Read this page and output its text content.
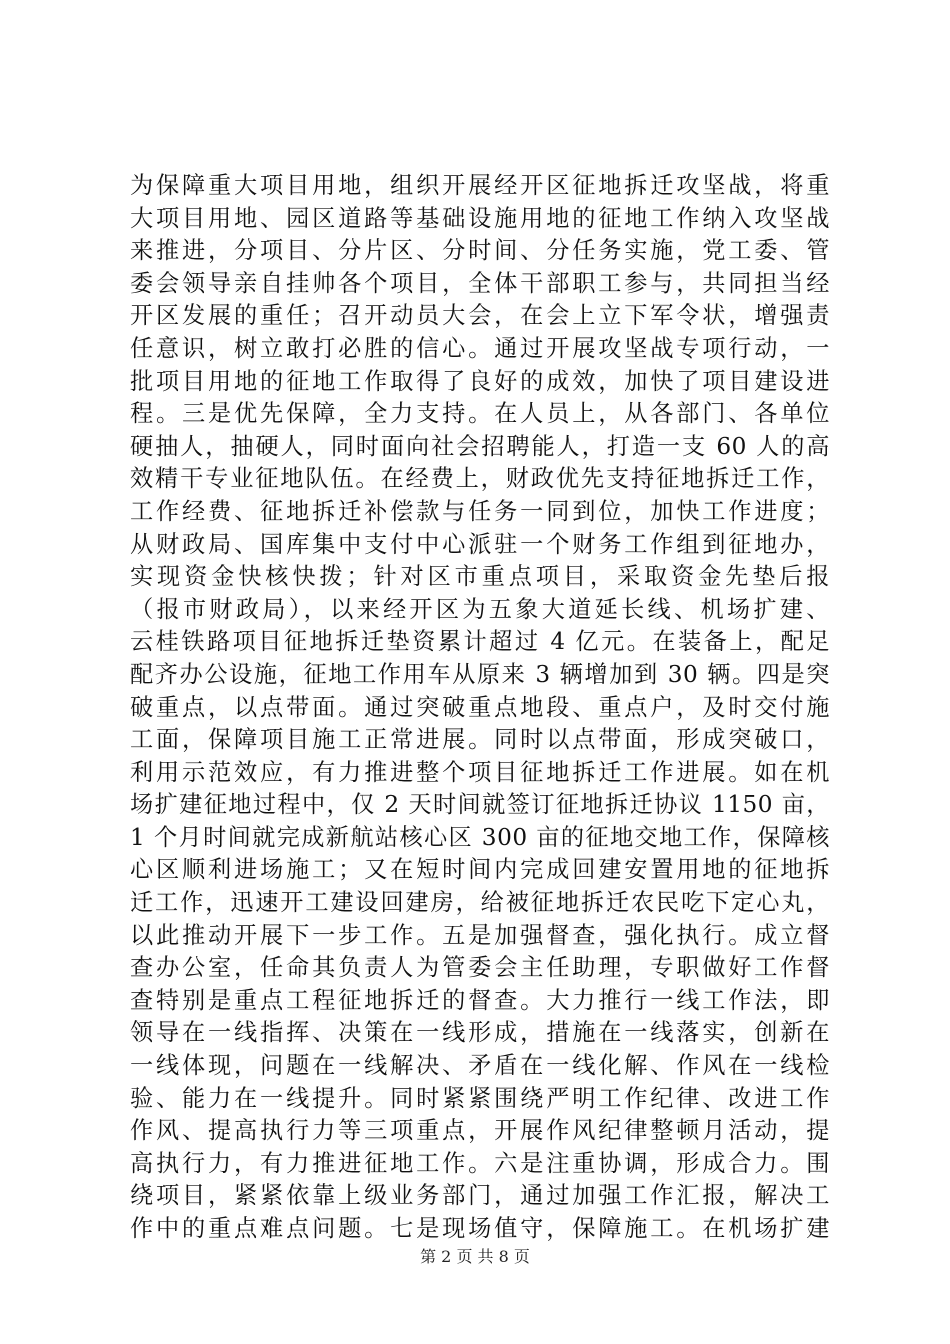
为保障重大项目用地，组织开展经开区征地拆迁攻坚战，将重
大项目用地、园区道路等基础设施用地的征地工作纳入攻坚战
来推进，分项目、分片区、分时间、分任务实施，党工委、管
委会领导亲自挂帅各个项目，全体干部职工参与，共同担当经
开区发展的重任；召开动员大会，在会上立下军令状，增强责
任意识，树立敢打必胜的信心。通过开展攻坚战专项行动，一
批项目用地的征地工作取得了良好的成效，加快了项目建设进
程。三是优先保障，全力支持。在人员上，从各部门、各单位
硬抽人，抽硬人，同时面向社会招聘能人，打造一支 60 人的高
效精干专业征地队伍。在经费上，财政优先支持征地拆迁工作，
工作经费、征地拆迁补偿款与任务一同到位，加快工作进度；
从财政局、国库集中支付中心派驻一个财务工作组到征地办，
实现资金快核快拨；针对区市重点项目，采取资金先垫后报
（报市财政局），以来经开区为五象大道延长线、机场扩建、
云桂铁路项目征地拆迁垫资累计超过 4 亿元。在装备上，配足
配齐办公设施，征地工作用车从原来 3 辆增加到 30 辆。四是突
破重点，以点带面。通过突破重点地段、重点户，及时交付施
工面，保障项目施工正常进展。同时以点带面，形成突破口，
利用示范效应，有力推进整个项目征地拆迁工作进展。如在机
场扩建征地过程中，仅 2 天时间就签订征地拆迁协议 1150 亩，
1 个月时间就完成新航站核心区 300 亩的征地交地工作，保障核
心区顺利进场施工；又在短时间内完成回建安置用地的征地拆
迁工作，迅速开工建设回建房，给被征地拆迁农民吃下定心丸，
以此推动开展下一步工作。五是加强督查，强化执行。成立督
查办公室，任命其负责人为管委会主任助理，专职做好工作督
查特别是重点工程征地拆迁的督查。大力推行一线工作法，即
领导在一线指挥、决策在一线形成，措施在一线落实，创新在
一线体现，问题在一线解决、矛盾在一线化解、作风在一线检
验、能力在一线提升。同时紧紧围绕严明工作纪律、改进工作
作风、提高执行力等三项重点，开展作风纪律整顿月活动，提
高执行力，有力推进征地工作。六是注重协调，形成合力。围
绕项目，紧紧依靠上级业务部门，通过加强工作汇报，解决工
作中的重点难点问题。七是现场值守，保障施工。在机场扩建
第 2 页 共 8 页
